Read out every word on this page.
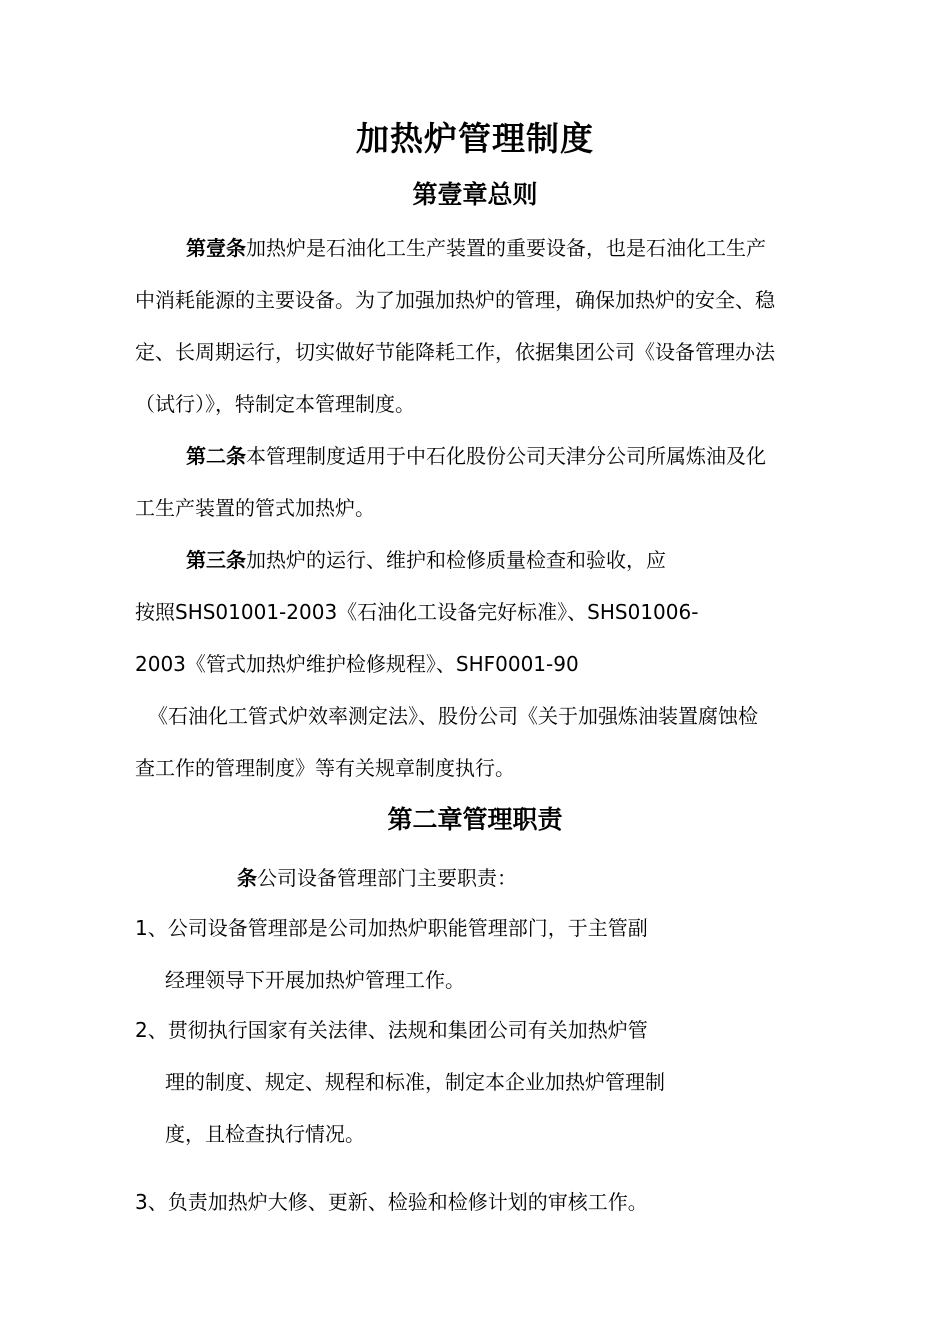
加热炉管理制度
第壹章总则
第壹条加热炉是石油化工生产装置的重要设备，也是石油化工生产
中消耗能源的主要设备。为了加强加热炉的管理，确保加热炉的安全、稳
定、长周期运行，切实做好节能降耗工作，依据集团公司《设备管理办法
（试行）》，特制定本管理制度。
第二条本管理制度适用于中石化股份公司天津分公司所属炼油及化
工生产装置的管式加热炉。
第三条加热炉的运行、维护和检修质量检查和验收，应
按照SHS01001-2003《石油化工设备完好标准》、SHS01006-
2003《管式加热炉维护检修规程》、SHF0001-90
《石油化工管式炉效率测定法》、股份公司《关于加强炼油装置腐蚀检
查工作的管理制度》等有关规章制度执行。
第二章管理职责
条公司设备管理部门主要职责：
1、公司设备管理部是公司加热炉职能管理部门，于主管副
经理领导下开展加热炉管理工作。
2、贯彻执行国家有关法律、法规和集团公司有关加热炉管
理的制度、规定、规程和标准，制定本企业加热炉管理制
度，且检查执行情况。
3、负责加热炉大修、更新、检验和检修计划的审核工作。
